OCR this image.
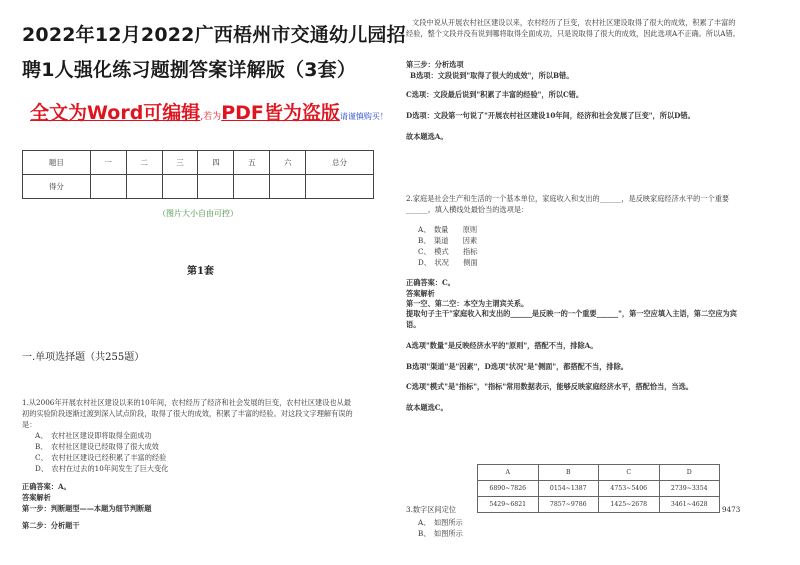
2022年12月2022广西梧州市交通幼儿园招
聘1人强化练习题捌答案详解版（3套）
全文为Word可编辑,若为PDF皆为盗版请谨慎购买！
题目	一	二	三	四	五	六	总分
得分							
（图片大小自由可控）
第1套
一.单项选择题（共255题）
1.从2006年开展农村社区建设以来的10年间，农村经历了经济和社会发展的巨变，农村社区建设也从最
初的实验阶段逐渐过渡到深入试点阶段，取得了很大的成效，积累了丰富的经验。对这段文字理解有误的
是：
A、　农村社区建设即将取得全面成功
B、　农村社区建设已经取得了很大成效
C、　农村社区建设已经积累了丰富的经验
D、　农村在过去的10年间发生了巨大变化
正确答案：A。
答案解析
第一步：判断题型——本题为细节判断题
第二步：分析题干
文段中说从开展农村社区建设以来，农村经历了巨变，农村社区建设取得了很大的成效，积累了丰富的
经验，整个文段并没有说到哪将取得全面成功，只是说取得了很大的成效，因此选项A不正确。所以A错。
第三步：分析选项
B选项：文段说到"取得了很大的成效"，所以B错。
C选项：文段最后说到"积累了丰富的经验"，所以C错。
D选项：文段第一句说了"开展农村社区建设10年间，经济和社会发展了巨变"，所以D错。
故本题选A。
2.家庭是社会生产和生活的一个基本单位，家庭收入和支出的______，是反映家庭经济水平的一个重要
______。填入横线处最恰当的选项是：
A、　数量　　原则
B、　渠道　　因素
C、　模式　　指标
D、　状况　　侧面
正确答案：C。
答案解析
第一空、第二空：本空为主谓宾关系。
提取句子主干"家庭收入和支出的______是反映一的一个重要______"，第一空应填入主语，第二空应为宾
语。
A选项"数量"是反映经济水平的"原则"，搭配不当，排除A。
B选项"渠道"是"因素"，D选项"状况"是"侧面"，都搭配不当，排除。
C选项"模式"是"指标"，"指标"常用数据表示，能够反映家庭经济水平，搭配恰当，当选。
故本题选C。
A	B	C	D
6890~7826	0154~1387	4753~5406	2739~3354
5429~6821	7857~9786	1425~2678	3461~4628
3.数字区间定位	9473
A、　如图所示
B、　如图所示
